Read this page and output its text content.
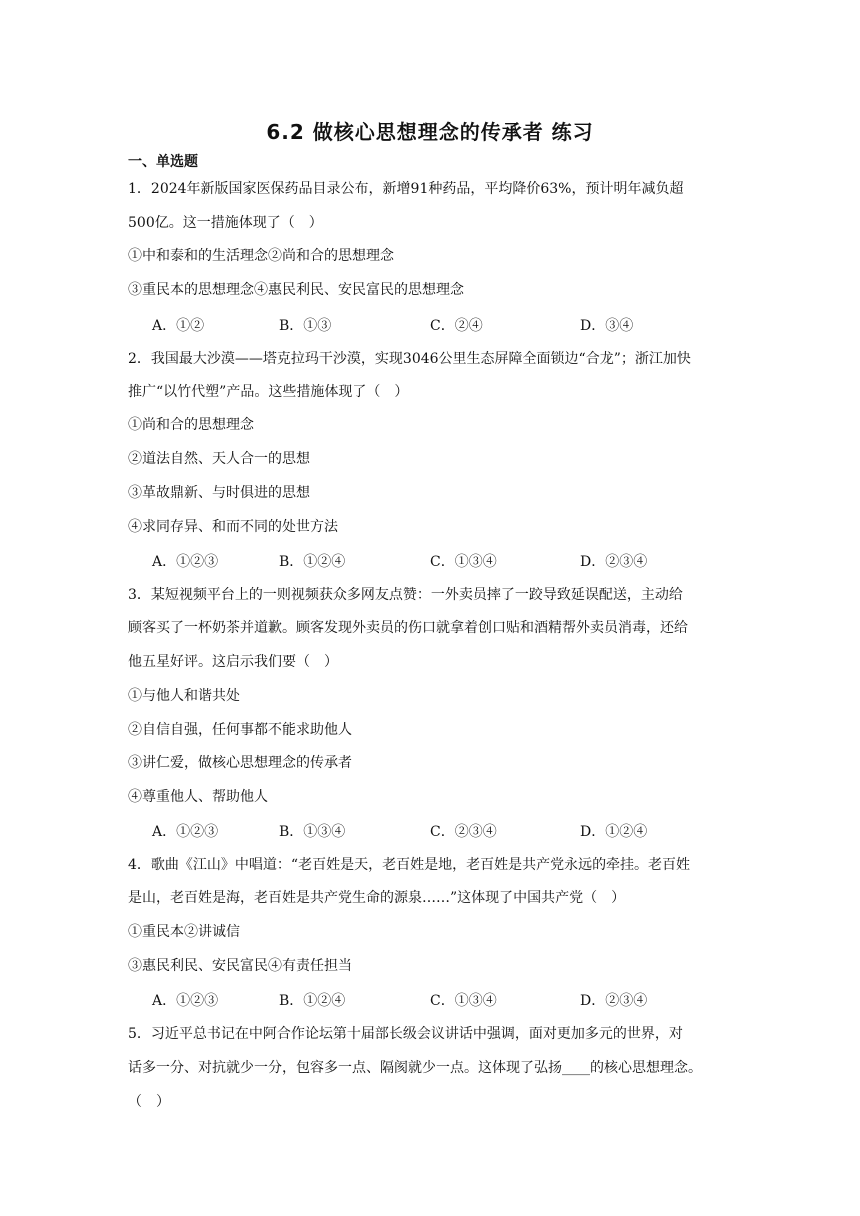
6.2 做核心思想理念的传承者 练习
一、单选题
1．2024年新版国家医保药品目录公布，新增91种药品，平均降价63%，预计明年减负超
500亿。这一措施体现了（　）
①中和泰和的生活理念②尚和合的思想理念
③重民本的思想理念④惠民利民、安民富民的思想理念
A．①②	B．①③	C．②④	D．③④
2．我国最大沙漠——塔克拉玛干沙漠，实现3046公里生态屏障全面锁边“合龙”；浙江加快
推广“以竹代塑”产品。这些措施体现了（　）
①尚和合的思想理念
②道法自然、天人合一的思想
③革故鼎新、与时俱进的思想
④求同存异、和而不同的处世方法
A．①②③	B．①②④	C．①③④	D．②③④
3．某短视频平台上的一则视频获众多网友点赞：一外卖员摔了一跤导致延误配送，主动给
顾客买了一杯奶茶并道歉。顾客发现外卖员的伤口就拿着创口贴和酒精帮外卖员消毒，还给
他五星好评。这启示我们要（　）
①与他人和谐共处
②自信自强，任何事都不能求助他人
③讲仁爱，做核心思想理念的传承者
④尊重他人、帮助他人
A．①②③	B．①③④	C．②③④	D．①②④
4．歌曲《江山》中唱道：“老百姓是天，老百姓是地，老百姓是共产党永远的牵挂。老百姓
是山，老百姓是海，老百姓是共产党生命的源泉……”这体现了中国共产党（　）
①重民本②讲诚信
③惠民利民、安民富民④有责任担当
A．①②③	B．①②④	C．①③④	D．②③④
5．习近平总书记在中阿合作论坛第十届部长级会议讲话中强调，面对更加多元的世界，对
话多一分、对抗就少一分，包容多一点、隔阂就少一点。这体现了弘扬____的核心思想理念。
（　）
